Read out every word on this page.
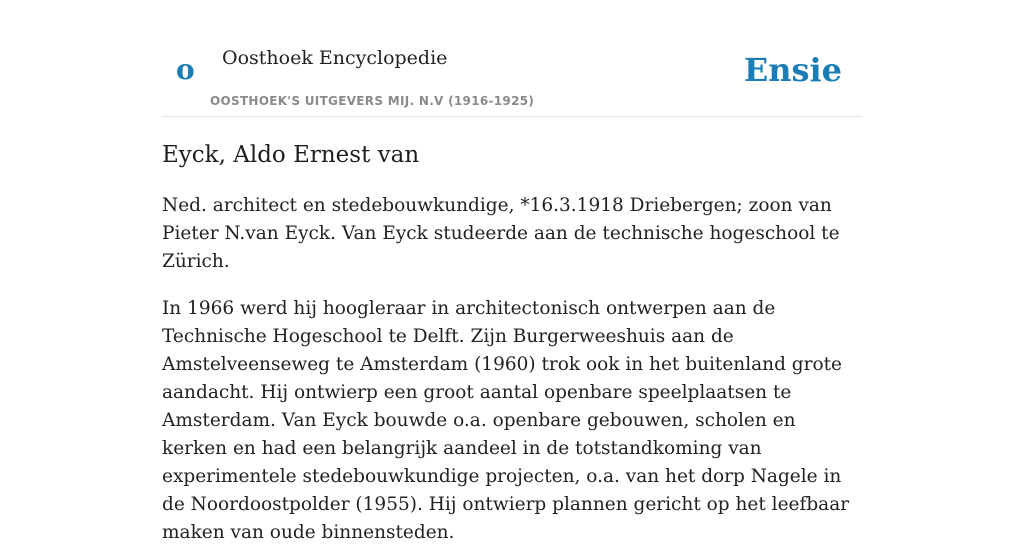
o Oosthoek Encyclopedie
OOSTHOEK'S UITGEVERS MIJ. N.V (1916-1925)
Ensie
Eyck, Aldo Ernest van

Ned. architect en stedebouwkundige, *16.3.1918 Driebergen; zoon van Pieter N.van Eyck. Van Eyck studeerde aan de technische hogeschool te Zürich.

In 1966 werd hij hoogleraar in architectonisch ontwerpen aan de Technische Hogeschool te Delft. Zijn Burgerweeshuis aan de Amstelveenseweg te Amsterdam (1960) trok ook in het buitenland grote aandacht. Hij ontwierp een groot aantal openbare speelplaatsen te Amsterdam. Van Eyck bouwde o.a. openbare gebouwen, scholen en kerken en had een belangrijk aandeel in de totstandkoming van experimentele stedebouwkundige projecten, o.a. van het dorp Nagele in de Noordoostpolder (1955). Hij ontwierp plannen gericht op het leefbaar maken van oude binnensteden.
